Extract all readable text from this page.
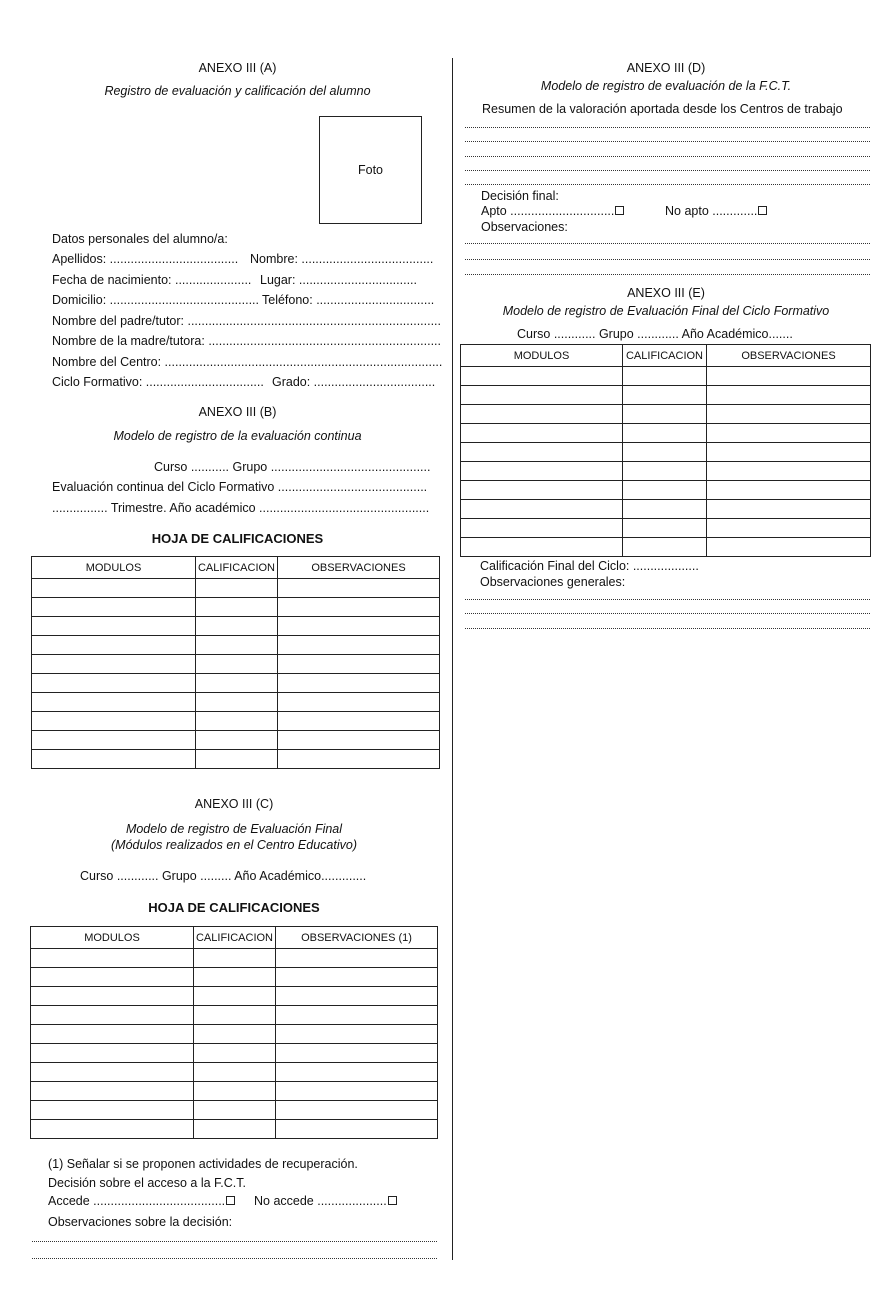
ANEXO III (A)
Registro de evaluación y calificación del alumno
Foto
Datos personales del alumno/a:
Apellidos: ..................................... Nombre: ......................................
Fecha de nacimiento: ...................... Lugar: ..................................
Domicilio: ........................................... Teléfono: ..................................
Nombre del padre/tutor: .........................................................................
Nombre de la madre/tutora: ...................................................................
Nombre del Centro: ................................................................................
Ciclo Formativo: .................................. Grado: ...................................
ANEXO III (B)
Modelo de registro de la evaluación continua
Curso ........... Grupo ..............................................
Evaluación continua del Ciclo Formativo ...........................................
................ Trimestre. Año académico .................................................
HOJA DE CALIFICACIONES
MODULOS	CALIFICACION	OBSERVACIONES

ANEXO III (C)
Modelo de registro de Evaluación Final
(Módulos realizados en el Centro Educativo)
Curso ............ Grupo ......... Año Académico.............
HOJA DE CALIFICACIONES
MODULOS	CALIFICACION	OBSERVACIONES (1)

(1) Señalar si se proponen actividades de recuperación.
Decisión sobre el acceso a la F.C.T.
Accede ......................................	No accede ....................
Observaciones sobre la decisión:
ANEXO III (D)
Modelo de registro de evaluación de la F.C.T.
Resumen de la valoración aportada desde los Centros de trabajo
Decisión final:
Apto ..............................	No apto .............
Observaciones:
ANEXO III (E)
Modelo de registro de Evaluación Final del Ciclo Formativo
Curso ............ Grupo ............ Año Académico.......
MODULOS	CALIFICACION	OBSERVACIONES

Calificación Final del Ciclo: ...................
Observaciones generales:
